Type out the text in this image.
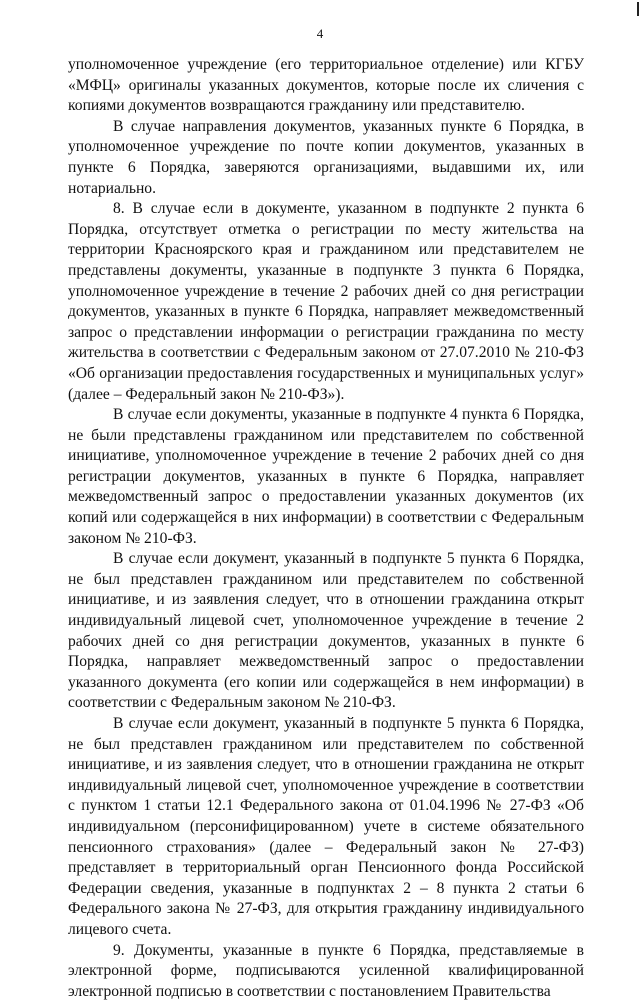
4

уполномоченное учреждение (его территориальное отделение) или КГБУ «МФЦ» оригиналы указанных документов, которые после их сличения с копиями документов возвращаются гражданину или представителю.

В случае направления документов, указанных пункте 6 Порядка, в уполномоченное учреждение по почте копии документов, указанных в пункте 6 Порядка, заверяются организациями, выдавшими их, или нотариально.

8. В случае если в документе, указанном в подпункте 2 пункта 6 Порядка, отсутствует отметка о регистрации по месту жительства на территории Красноярского края и гражданином или представителем не представлены документы, указанные в подпункте 3 пункта 6 Порядка, уполномоченное учреждение в течение 2 рабочих дней со дня регистрации документов, указанных в пункте 6 Порядка, направляет межведомственный запрос о представлении информации о регистрации гражданина по месту жительства в соответствии с Федеральным законом от 27.07.2010 № 210-ФЗ «Об организации предоставления государственных и муниципальных услуг» (далее – Федеральный закон № 210-ФЗ»).

В случае если документы, указанные в подпункте 4 пункта 6 Порядка, не были представлены гражданином или представителем по собственной инициативе, уполномоченное учреждение в течение 2 рабочих дней со дня регистрации документов, указанных в пункте 6 Порядка, направляет межведомственный запрос о предоставлении указанных документов (их копий или содержащейся в них информации) в соответствии с Федеральным законом № 210-ФЗ.

В случае если документ, указанный в подпункте 5 пункта 6 Порядка, не был представлен гражданином или представителем по собственной инициативе, и из заявления следует, что в отношении гражданина открыт индивидуальный лицевой счет, уполномоченное учреждение в течение 2 рабочих дней со дня регистрации документов, указанных в пункте 6 Порядка, направляет межведомственный запрос о предоставлении указанного документа (его копии или содержащейся в нем информации) в соответствии с Федеральным законом № 210-ФЗ.

В случае если документ, указанный в подпункте 5 пункта 6 Порядка, не был представлен гражданином или представителем по собственной инициативе, и из заявления следует, что в отношении гражданина не открыт индивидуальный лицевой счет, уполномоченное учреждение в соответствии с пунктом 1 статьи 12.1 Федерального закона от 01.04.1996 № 27-ФЗ «Об индивидуальном (персонифицированном) учете в системе обязательного пенсионного страхования» (далее – Федеральный закон № 27-ФЗ) представляет в территориальный орган Пенсионного фонда Российской Федерации сведения, указанные в подпунктах 2 – 8 пункта 2 статьи 6 Федерального закона № 27-ФЗ, для открытия гражданину индивидуального лицевого счета.

9. Документы, указанные в пункте 6 Порядка, представляемые в электронной форме, подписываются усиленной квалифицированной электронной подписью в соответствии с постановлением Правительства
